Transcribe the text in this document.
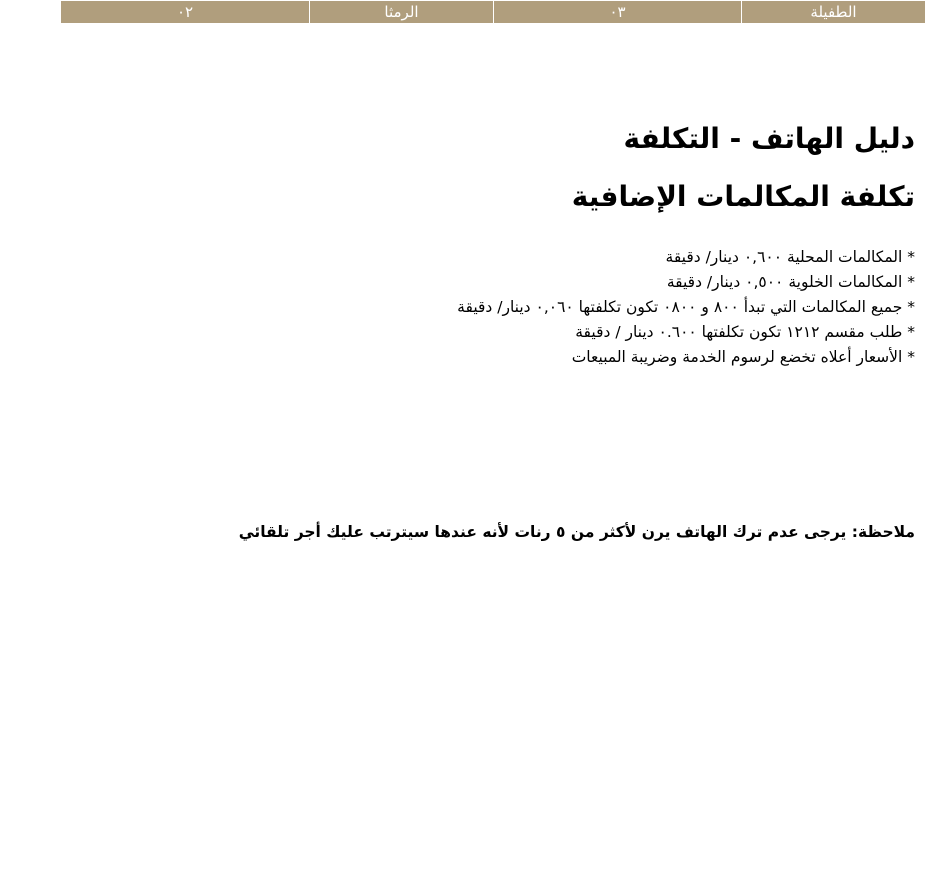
الطفيلة	٠٣	الرمثا	٠٢
دليل الهاتف - التكلفة
تكلفة المكالمات الإضافية
* المكالمات المحلية ٠,٦٠٠ دينار/ دقيقة
* المكالمات الخلوية ٠,٥٠٠ دينار/ دقيقة
* جميع المكالمات التي تبدأ ٨٠٠ و ٠٨٠٠ تكون تكلفتها ٠,٠٦٠ دينار/ دقيقة
* طلب مقسم ١٢١٢ تكون تكلفتها ٠.٦٠٠ دينار / دقيقة
* الأسعار أعلاه تخضع لرسوم الخدمة وضريبة المبيعات

ملاحظة: يرجى عدم ترك الهاتف يرن لأكثر من ٥ رنات لأنه عندها سيترتب عليك أجر تلقائي
